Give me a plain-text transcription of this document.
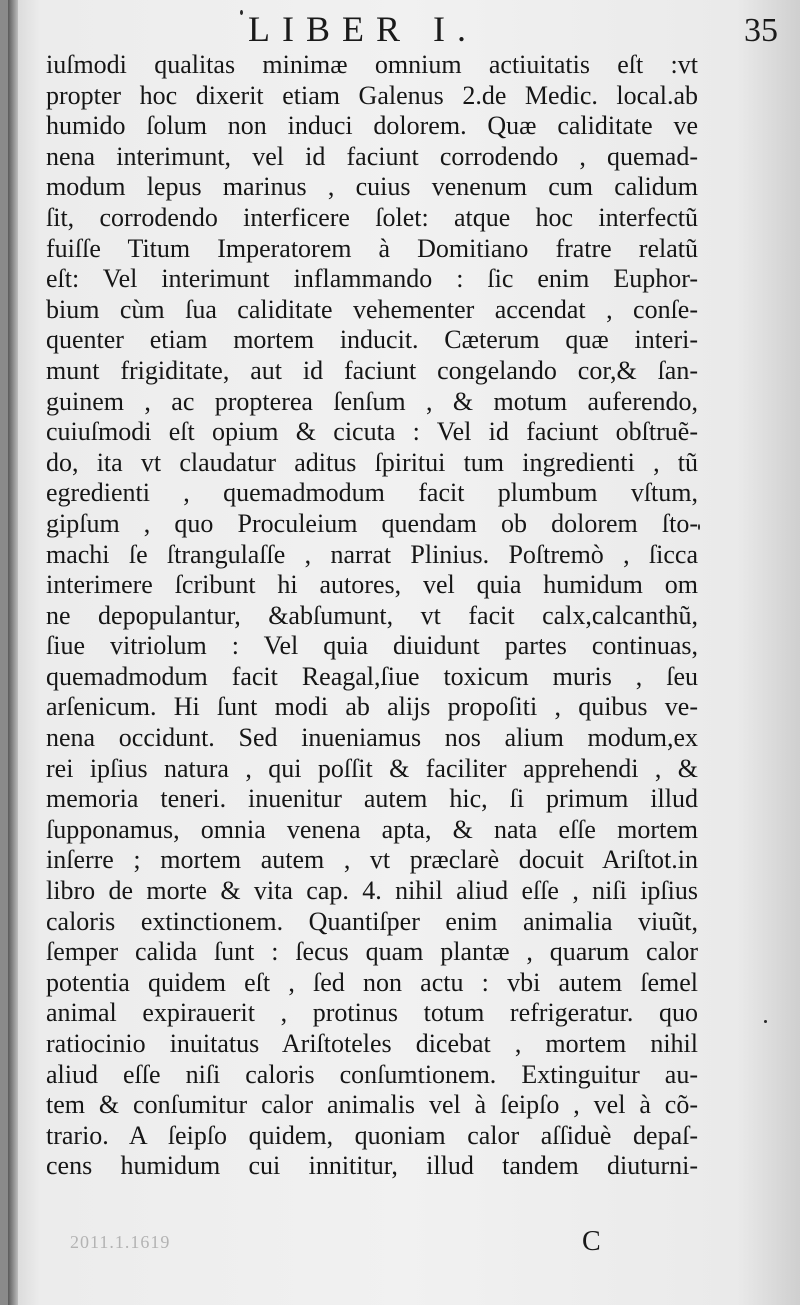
LIBER I.	35
iuſmodi qualitas minimæ omnium actiuitatis eſt :vt
propter hoc dixerit etiam Galenus 2.de Medic. local.ab
humido ſolum non induci dolorem. Quæ caliditate ve
nena interimunt, vel id faciunt corrodendo , quemad-
modum lepus marinus , cuius venenum cum calidum
ſit, corrodendo interficere ſolet: atque hoc interfectũ
fuiſſe Titum Imperatorem à Domitiano fratre relatũ
eſt: Vel interimunt inflammando : ſic enim Euphor-
bium cùm ſua caliditate vehementer accendat , conſe-
quenter etiam mortem inducit. Cæterum quæ interi-
munt frigiditate, aut id faciunt congelando cor,& ſan-
guinem , ac propterea ſenſum , & motum auferendo,
cuiuſmodi eſt opium & cicuta : Vel id faciunt obſtruẽ-
do, ita vt claudatur aditus ſpiritui tum ingredienti , tũ
egredienti , quemadmodum facit plumbum vſtum,
gipſum , quo Proculeium quendam ob dolorem ſto-
machi ſe ſtrangulaſſe , narrat Plinius. Poſtremò , ſicca
interimere ſcribunt hi autores, vel quia humidum om
ne depopulantur, &abſumunt, vt facit calx,calcanthũ,
ſiue vitriolum : Vel quia diuidunt partes continuas,
quemadmodum facit Reagal,ſiue toxicum muris , ſeu
arſenicum. Hi ſunt modi ab alijs propoſiti , quibus ve-
nena occidunt. Sed inueniamus nos alium modum,ex
rei ipſius natura , qui poſſit & faciliter apprehendi , &
memoria teneri. inuenitur autem hic, ſi primum illud
ſupponamus, omnia venena apta, & nata eſſe mortem
inſerre ; mortem autem , vt præclarè docuit Ariſtot.in
libro de morte & vita cap. 4. nihil aliud eſſe , niſi ipſius
caloris extinctionem. Quantiſper enim animalia viuũt,
ſemper calida ſunt : ſecus quam plantæ , quarum calor
potentia quidem eſt , ſed non actu : vbi autem ſemel
animal expirauerit , protinus totum refrigeratur. quo
ratiocinio inuitatus Ariſtoteles dicebat , mortem nihil
aliud eſſe niſi caloris conſumtionem. Extinguitur au-
tem & conſumitur calor animalis vel à ſeipſo , vel à cõ-
trario. A ſeipſo quidem, quoniam calor aſſiduè depaſ-
cens humidum cui innititur, illud tandem diuturni-
2011.1.1619	C
